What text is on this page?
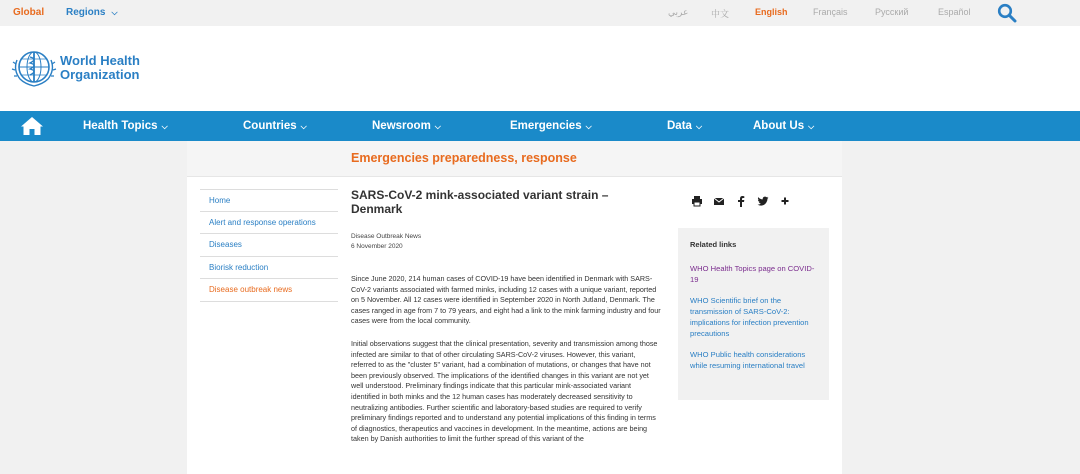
Global Regions ⌵	عربي	中文	English	Français	Русский	Español
World Health
Organization
Health Topics ⌵	Countries ⌵	Newsroom ⌵	Emergencies ⌵	Data ⌵	About Us ⌵
Emergencies preparedness, response
Home
Alert and response operations
Diseases
Biorisk reduction
Disease outbreak news
SARS-CoV-2 mink-associated variant strain –
Denmark
Disease Outbreak News
6 November 2020

Since June 2020, 214 human cases of COVID-19 have been identified in Denmark with SARS-CoV-2 variants associated with farmed minks, including 12 cases with a unique variant, reported on 5 November. All 12 cases were identified in September 2020 in North Jutland, Denmark. The cases ranged in age from 7 to 79 years, and eight had a link to the mink farming industry and four cases were from the local community.

Initial observations suggest that the clinical presentation, severity and transmission among those infected are similar to that of other circulating SARS-CoV-2 viruses. However, this variant, referred to as the "cluster 5" variant, had a combination of mutations, or changes that have not been previously observed. The implications of the identified changes in this variant are not yet well understood. Preliminary findings indicate that this particular mink-associated variant identified in both minks and the 12 human cases has moderately decreased sensitivity to neutralizing antibodies. Further scientific and laboratory-based studies are required to verify preliminary findings reported and to understand any potential implications of this finding in terms of diagnostics, therapeutics and vaccines in development. In the meantime, actions are being taken by Danish authorities to limit the further spread of this variant of the

Related links
WHO Health Topics page on COVID-19
WHO Scientific brief on the transmission of SARS-CoV-2: implications for infection prevention precautions
WHO Public health considerations while resuming international travel
